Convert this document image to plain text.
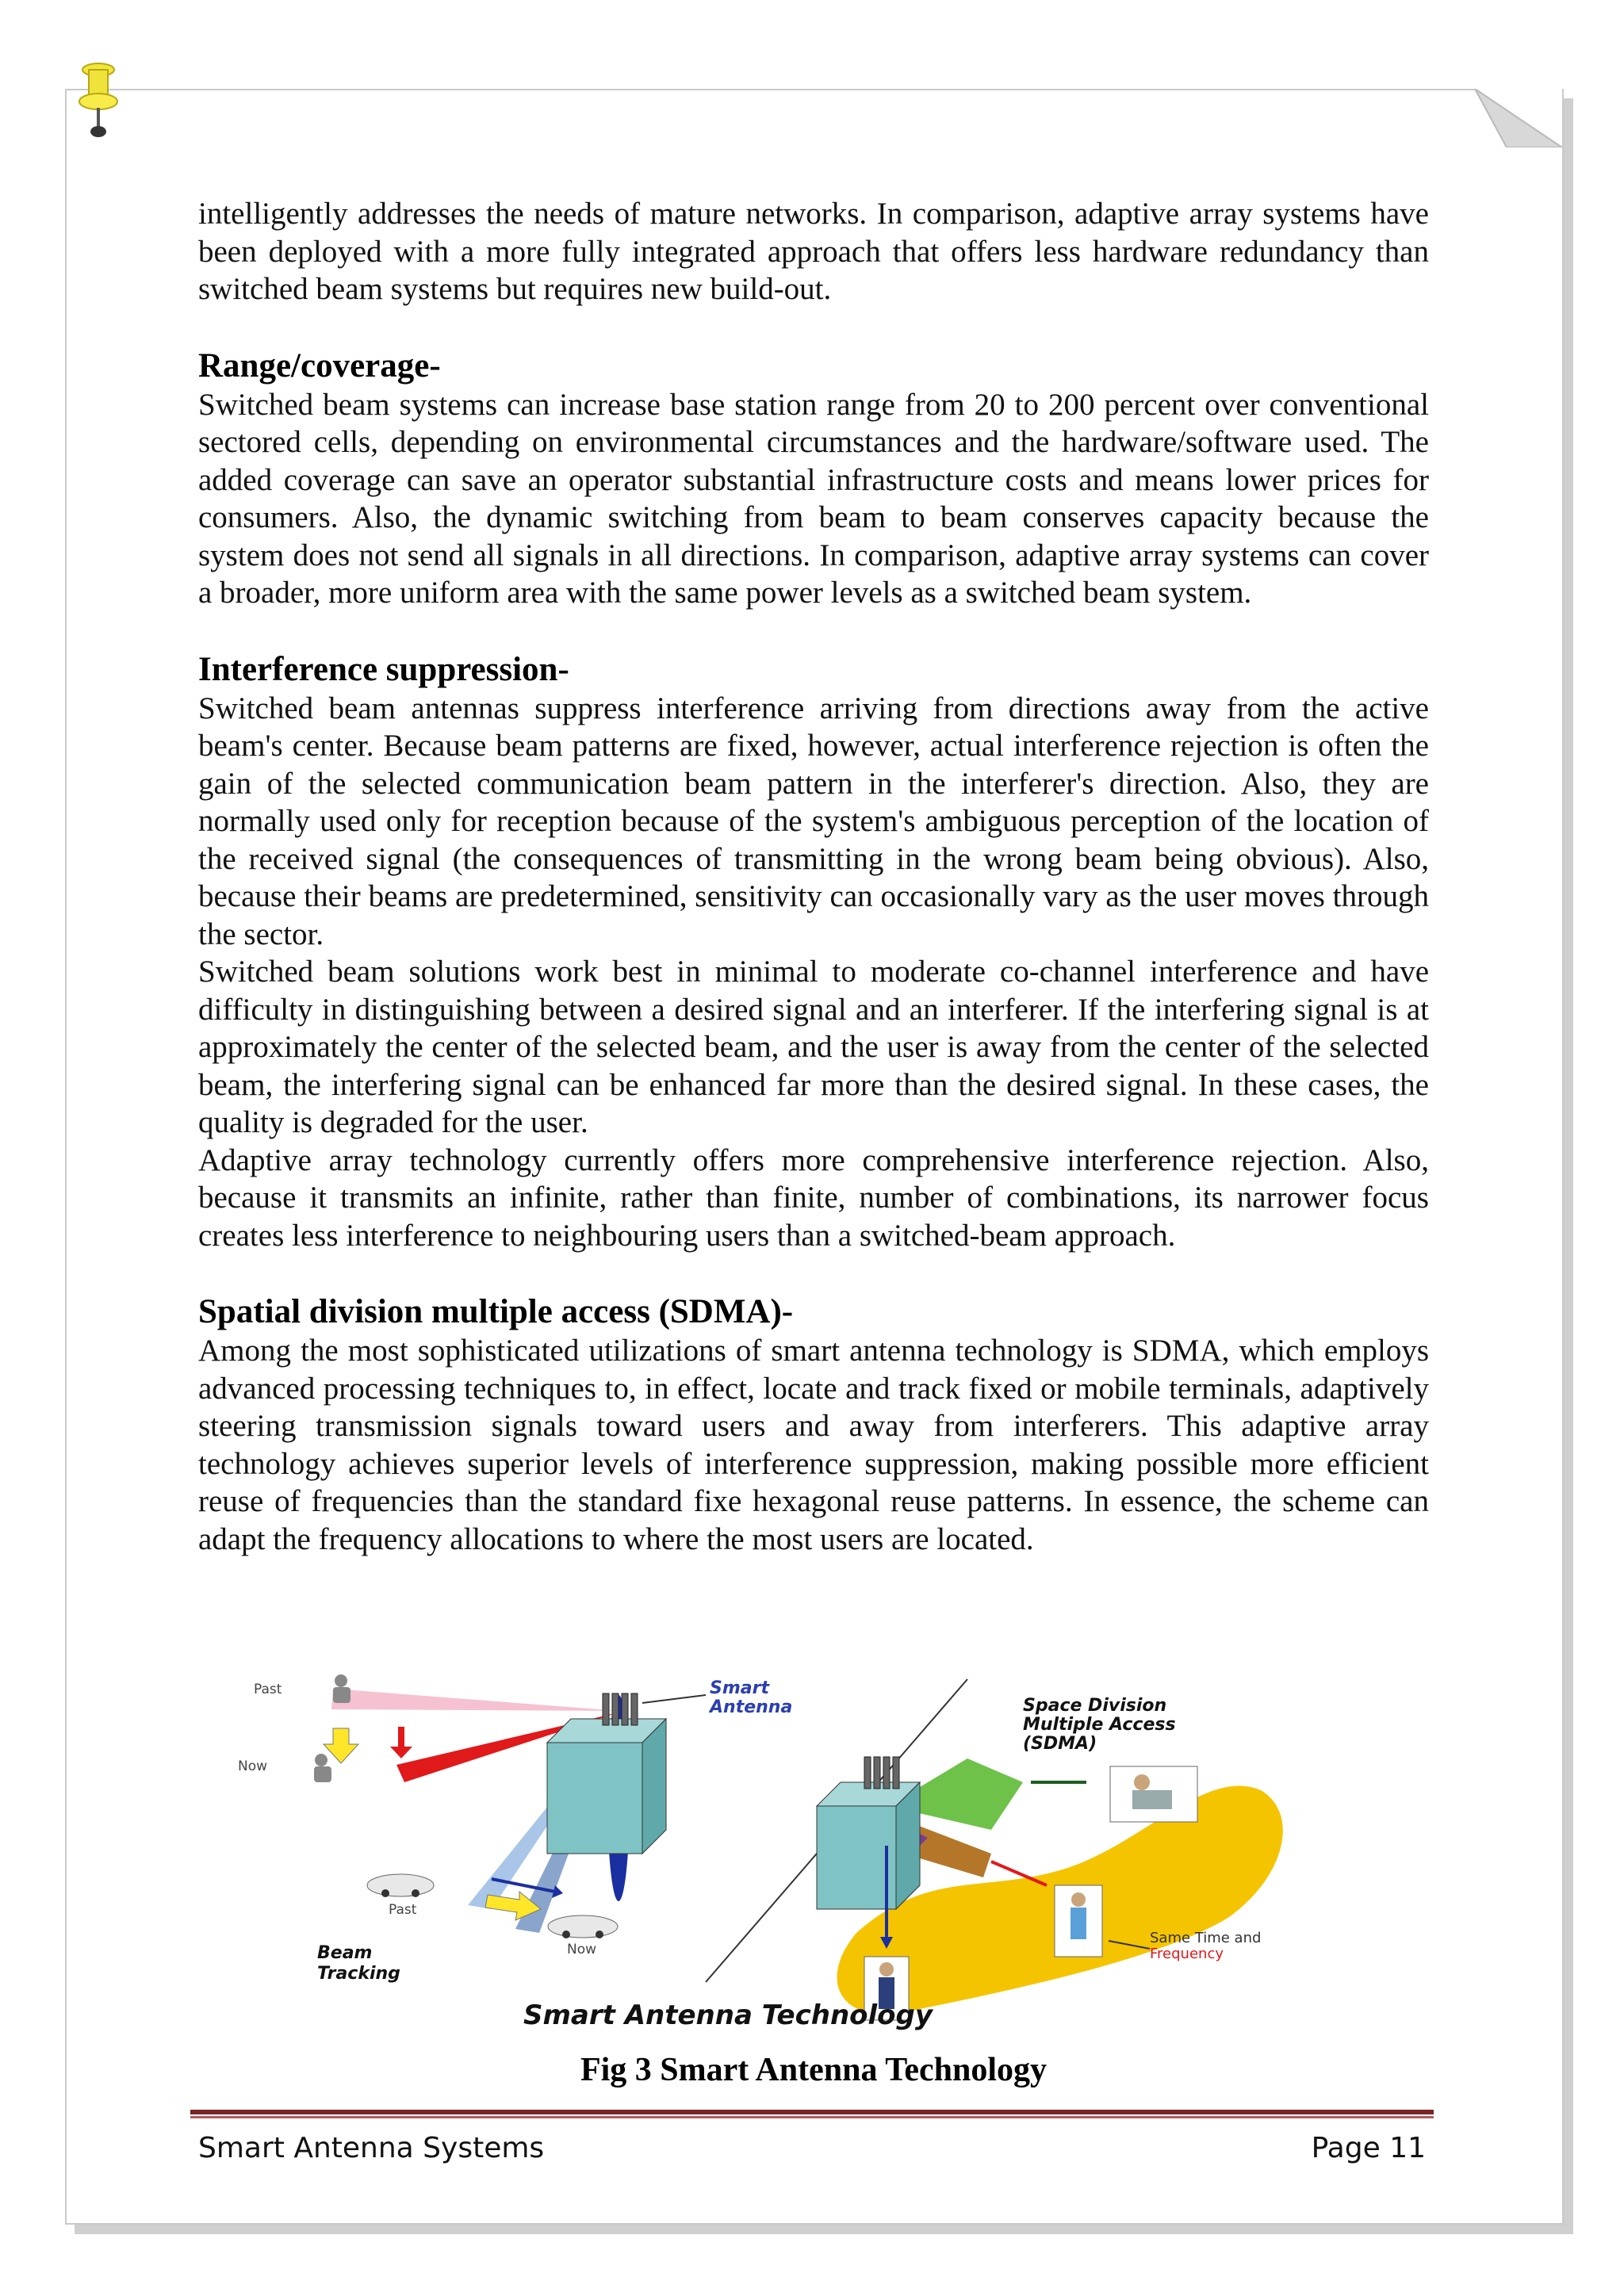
intelligently addresses the needs of mature networks. In comparison, adaptive array systems have been deployed with a more fully integrated approach that offers less hardware redundancy than switched beam systems but requires new build-out.

Range/coverage-

Switched beam systems can increase base station range from 20 to 200 percent over conventional sectored cells, depending on environmental circumstances and the hardware/software used. The added coverage can save an operator substantial infrastructure costs and means lower prices for consumers. Also, the dynamic switching from beam to beam conserves capacity because the system does not send all signals in all directions. In comparison, adaptive array systems can cover a broader, more uniform area with the same power levels as a switched beam system.

Interference suppression-

Switched beam antennas suppress interference arriving from directions away from the active beam's center. Because beam patterns are fixed, however, actual interference rejection is often the gain of the selected communication beam pattern in the interferer's direction. Also, they are normally used only for reception because of the system's ambiguous perception of the location of the received signal (the consequences of transmitting in the wrong beam being obvious). Also, because their beams are predetermined, sensitivity can occasionally vary as the user moves through the sector.

Switched beam solutions work best in minimal to moderate co-channel interference and have difficulty in distinguishing between a desired signal and an interferer. If the interfering signal is at approximately the center of the selected beam, and the user is away from the center of the selected beam, the interfering signal can be enhanced far more than the desired signal. In these cases, the quality is degraded for the user.

Adaptive array technology currently offers more comprehensive interference rejection. Also, because it transmits an infinite, rather than finite, number of combinations, its narrower focus creates less interference to neighbouring users than a switched-beam approach.

Spatial division multiple access (SDMA)-

Among the most sophisticated utilizations of smart antenna technology is SDMA, which employs advanced processing techniques to, in effect, locate and track fixed or mobile terminals, adaptively steering transmission signals toward users and away from interferers. This adaptive array technology achieves superior levels of interference suppression, making possible more efficient reuse of frequencies than the standard fixe hexagonal reuse patterns. In essence, the scheme can adapt the frequency allocations to where the most users are located.

Past
Now
Smart
Antenna
Past
Now
Beam
Tracking
Space Division
Multiple Access
(SDMA)
Same Time and
Frequency
Smart Antenna Technology
Fig 3 Smart Antenna Technology
Smart Antenna Systems	Page 11
